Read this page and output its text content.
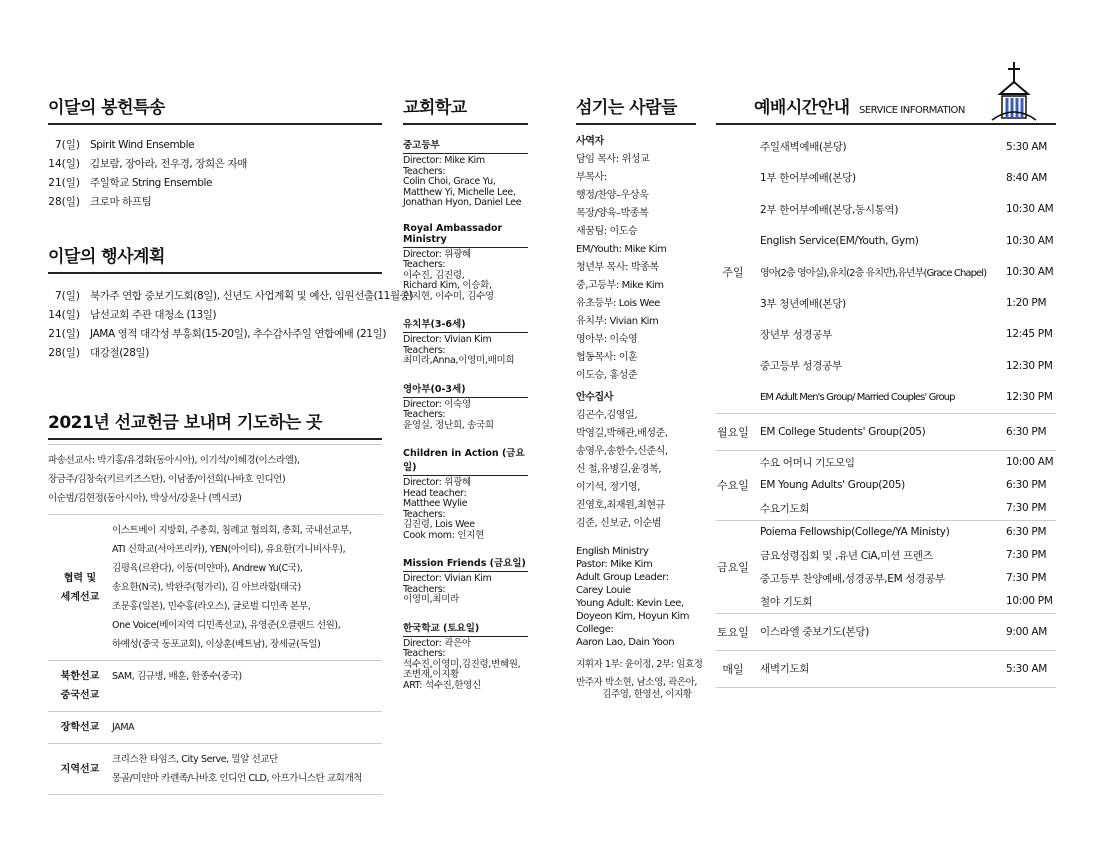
이달의 봉헌특송
7(일) Spirit Wind Ensemble
14(일) 김보람, 장아라, 전우경, 장희은 자매
21(일) 주일학교 String Ensemble
28(일) 크로마 하프팀
이달의 행사계획
7(일) 북가주 연합 중보기도회(8일), 신년도 사업계획 및 예산, 임원선출(11월중)
14(일) 남선교회 주관 대청소 (13일)
21(일) JAMA 영적 대각성 부흥회(15-20일), 추수감사주일 연합예배 (21일)
28(일) 대강절(28일)
2021년 선교헌금 보내며 기도하는 곳
파송선교사: 박기홍/유경화(동아시아), 이기석/이혜경(이스라엘),
장금주/김창숙(키르키즈스탄), 이남종/이선희(나바호 인디언)
이순범/김현정(동아시아), 박상서/강윤나 (멕시코)
협력 및
세계선교
이스트베이 지방회, 주총회, 침례교 협의회, 총회, 국내선교부,
ATI 신학교(서아프리카), YEN(아이티), 유요한(기니비사우),
김평육(르완다), 이동(미얀마), Andrew Yu(C국),
송요한(N국), 박완주(헝가리), 김 아브라함(태국)
조문홍(일본), 민수홍(라오스), 글로벌 디민족 본부,
One Voice(베이지역 디민족선교), 유영준(오클랜드 선원),
하예성(중국 동포교회), 이상훈(베트남), 장세균(독일)
북한선교
중국선교
SAM, 김규병, 배훈, 한종수(중국)
장학선교	JAMA
지역선교
크리스찬 타임즈, City Serve, 밀알 선교단
몽골/미얀마 카렌족/나바호 인디언 CLD, 아프가니스탄 교회개척
교회학교
중고등부
Director: Mike Kim
Teachers:
Colin Choi, Grace Yu,
Matthew Yi, Michelle Lee,
Jonathan Hyon, Daniel Lee
Royal Ambassador Ministry
Director: 위광혜
Teachers:
이수진, 김진령,
Richard Kim, 이승화,
인지현, 이수미, 김수영
유치부(3-6세)
Director: Vivian Kim
Teachers:
최미라,Anna,이영미,배미희
영아부(0-3세)
Director: 이숙영
Teachers:
윤영실, 정난희, 송국희
Children in Action (금요일)
Director: 위광혜
Head teacher:
Matthee Wylie
Teachers:
김진령, Lois Wee
Cook mom: 인지현
Mission Friends (금요일)
Director: Vivian Kim
Teachers:
이영미,최미라
한국학교 (토요일)
Director: 곽은아
Teachers:
석수진,이영미,김진령,변혜원,
조변재,이지황
ART: 석수진,한영신
섬기는 사람들
사역자
담임 목사: 위성교
부목사:
행정/찬양–우상욱
목장/양육–박종복
새꿈팀: 이도승
EM/Youth: Mike Kim
청년부 목사: 박종복
중,고등부: Mike Kim
유초등부: Lois Wee
유치부: Vivian Kim
영아부: 이숙영
협동목사: 이훈
이도승, 홍성준
안수집사
김곤수,김영일,
박영길,박해관,배성준,
송영우,송한수,신준식,
신 철,유병길,윤경복,
이기석, 정기영,
진영호,최재원,최현규
김준, 신보균, 이순범
English Ministry
Pastor: Mike Kim
Adult Group Leader:
Carey Louie
Young Adult: Kevin Lee,
Doyeon Kim, Hoyun Kim
College:
Aaron Lao, Dain Yoon
지휘자 1부: 윤이정, 2부: 임효정
반주자 박소현, 남소영, 곽은아,
김주영, 한영선, 이지황
예배시간안내 SERVICE INFORMATION
주일
주일새벽예배(본당)	5:30 AM
1부 한어부예배(본당)	8:40 AM
2부 한어부예배(본당,동시통역)	10:30 AM
English Service(EM/Youth, Gym)	10:30 AM
영아(2층 영아실),유치(2층 유치반),유년부(Grace Chapel)	10:30 AM
3부 청년예배(본당)	1:20 PM
장년부 성경공부	12:45 PM
중고등부 성경공부	12:30 PM
EM Adult Men's Group/ Married Couples' Group	12:30 PM
월요일 EM College Students' Group(205)	6:30 PM
수요일
수요 어머니 기도모임	10:00 AM
EM Young Adults' Group(205)	6:30 PM
수요기도회	7:30 PM
금요일
Poiema Fellowship(College/YA Ministy)	6:30 PM
금요성령집회 및 ,유년 CiA,미션 프렌즈	7:30 PM
중고등부 찬양예배,성경공부,EM 성경공부	7:30 PM
철야 기도회	10:00 PM
토요일 이스라엘 중보기도(본당)	9:00 AM
매일	새벽기도회	5:30 AM
